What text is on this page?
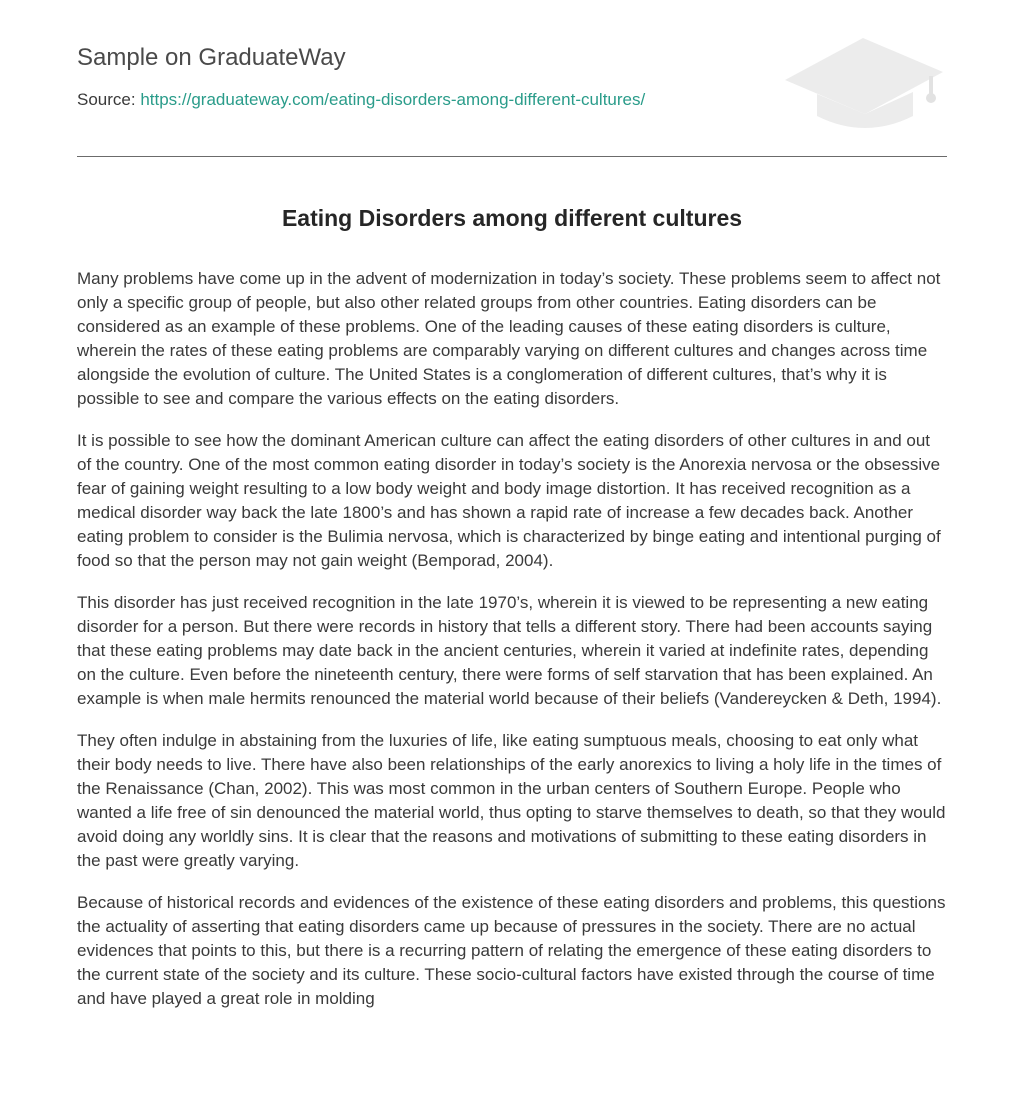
Sample on GraduateWay
Source: https://graduateway.com/eating-disorders-among-different-cultures/
Eating Disorders among different cultures

Many problems have come up in the advent of modernization in today’s society. These problems seem to affect not only a specific group of people, but also other related groups from other countries. Eating disorders can be considered as an example of these problems. One of the leading causes of these eating disorders is culture, wherein the rates of these eating problems are comparably varying on different cultures and changes across time alongside the evolution of culture. The United States is a conglomeration of different cultures, that’s why it is possible to see and compare the various effects on the eating disorders.

It is possible to see how the dominant American culture can affect the eating disorders of other cultures in and out of the country. One of the most common eating disorder in today’s society is the Anorexia nervosa or the obsessive fear of gaining weight resulting to a low body weight and body image distortion. It has received recognition as a medical disorder way back the late 1800’s and has shown a rapid rate of increase a few decades back. Another eating problem to consider is the Bulimia nervosa, which is characterized by binge eating and intentional purging of food so that the person may not gain weight (Bemporad, 2004).

This disorder has just received recognition in the late 1970’s, wherein it is viewed to be representing a new eating disorder for a person. But there were records in history that tells a different story. There had been accounts saying that these eating problems may date back in the ancient centuries, wherein it varied at indefinite rates, depending on the culture. Even before the nineteenth century, there were forms of self starvation that has been explained. An example is when male hermits renounced the material world because of their beliefs (Vandereycken & Deth, 1994).

They often indulge in abstaining from the luxuries of life, like eating sumptuous meals, choosing to eat only what their body needs to live. There have also been relationships of the early anorexics to living a holy life in the times of the Renaissance (Chan, 2002). This was most common in the urban centers of Southern Europe. People who wanted a life free of sin denounced the material world, thus opting to starve themselves to death, so that they would avoid doing any worldly sins. It is clear that the reasons and motivations of submitting to these eating disorders in the past were greatly varying.

Because of historical records and evidences of the existence of these eating disorders and problems, this questions the actuality of asserting that eating disorders came up because of pressures in the society. There are no actual evidences that points to this, but there is a recurring pattern of relating the emergence of these eating disorders to the current state of the society and its culture. These socio-cultural factors have existed through the course of time and have played a great role in molding
